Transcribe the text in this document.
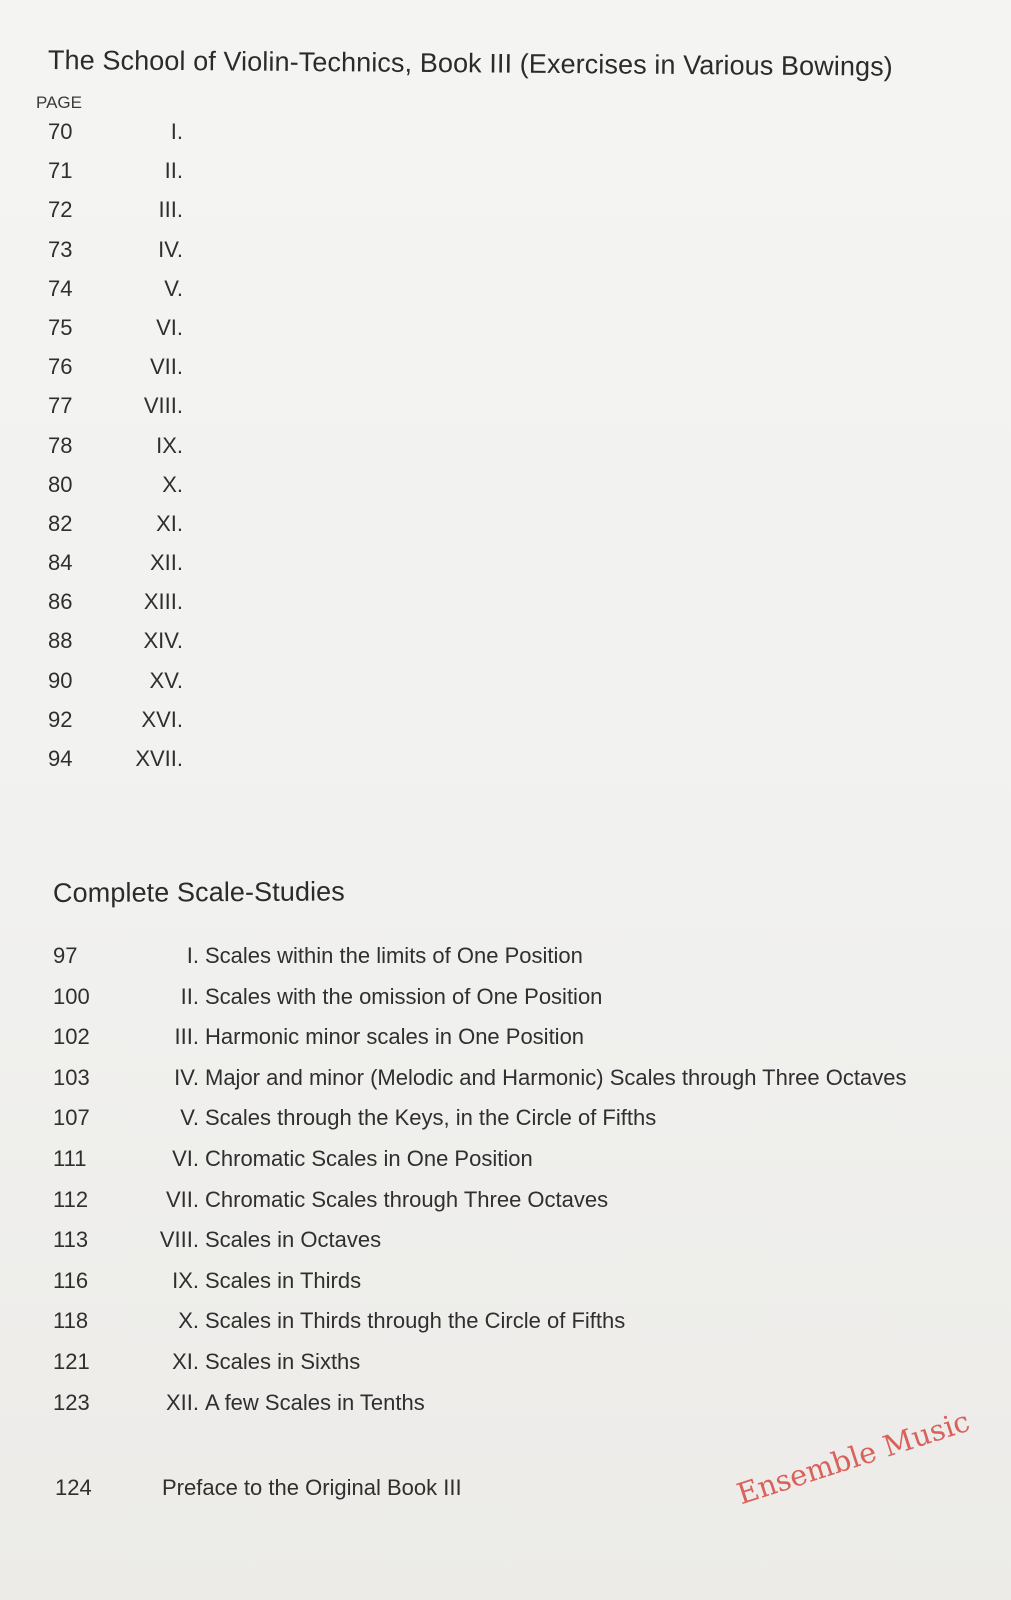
The School of Violin-Technics, Book III (Exercises in Various Bowings)
PAGE
70	I.
71	II.
72	III.
73	IV.
74	V.
75	VI.
76	VII.
77	VIII.
78	IX.
80	X.
82	XI.
84	XII.
86	XIII.
88	XIV.
90	XV.
92	XVI.
94	XVII.
Complete Scale-Studies
97	I. Scales within the limits of One Position
100	II. Scales with the omission of One Position
102	III. Harmonic minor scales in One Position
103	IV. Major and minor (Melodic and Harmonic) Scales through Three Octaves
107	V. Scales through the Keys, in the Circle of Fifths
111	VI. Chromatic Scales in One Position
112	VII. Chromatic Scales through Three Octaves
113	VIII. Scales in Octaves
116	IX. Scales in Thirds
118	X. Scales in Thirds through the Circle of Fifths
121	XI. Scales in Sixths
123	XII. A few Scales in Tenths
124	Preface to the Original Book III	Ensemble Music
